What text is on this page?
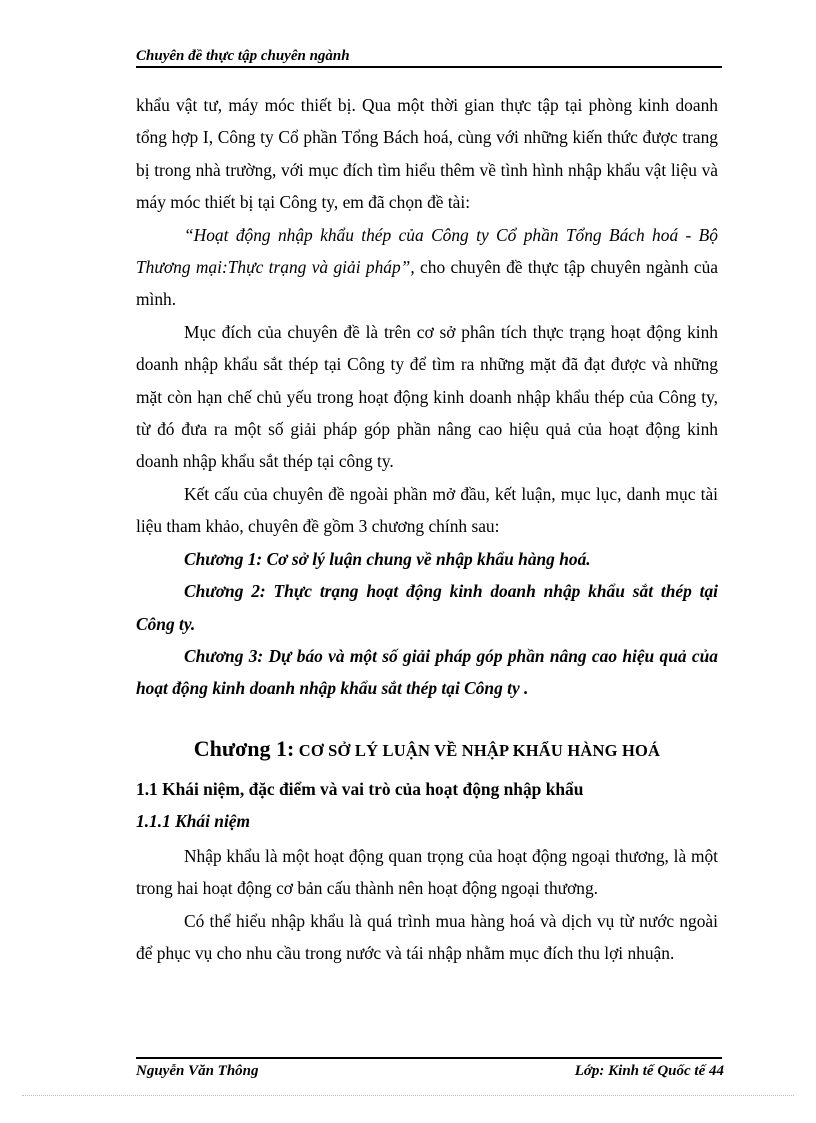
Chuyên đề thực tập chuyên ngành

khẩu vật tư, máy móc thiết bị. Qua một thời gian thực tập tại phòng kinh doanh tổng hợp I, Công ty Cổ phần Tổng Bách hoá, cùng với những kiến thức được trang bị trong nhà trường, với mục đích tìm hiểu thêm về tình hình nhập khẩu vật liệu và máy móc thiết bị tại Công ty, em đã chọn đề tài:

“Hoạt động nhập khẩu thép của Công ty Cổ phần Tổng Bách hoá - Bộ Thương mại:Thực trạng và giải pháp”, cho chuyên đề thực tập chuyên ngành của mình.

Mục đích của chuyên đề là trên cơ sở phân tích thực trạng hoạt động kinh doanh nhập khẩu sắt thép tại Công ty để tìm ra những mặt đã đạt được và những mặt còn hạn chế chủ yếu trong hoạt động kinh doanh nhập khẩu thép của Công ty, từ đó đưa ra một số giải pháp góp phần nâng cao hiệu quả của hoạt động kinh doanh nhập khẩu sắt thép tại công ty.

Kết cấu của chuyên đề ngoài phần mở đầu, kết luận, mục lục, danh mục tài liệu tham khảo, chuyên đề gồm 3 chương chính sau:

Chương 1: Cơ sở lý luận chung về nhập khẩu hàng hoá.

Chương 2: Thực trạng hoạt động kinh doanh nhập khẩu sắt thép tại Công ty.

Chương 3: Dự báo và một số giải pháp góp phần nâng cao hiệu quả của hoạt động kinh doanh nhập khẩu sắt thép tại Công ty .

Chương 1: CƠ SỞ LÝ LUẬN VỀ NHẬP KHẨU HÀNG HOÁ
1.1 Khái niệm, đặc điểm và vai trò của hoạt động nhập khẩu
1.1.1 Khái niệm

Nhập khẩu là một hoạt động quan trọng của hoạt động ngoại thương, là một trong hai hoạt động cơ bản cấu thành nên hoạt động ngoại thương.

Có thể hiểu nhập khẩu là quá trình mua hàng hoá và dịch vụ từ nước ngoài để phục vụ cho nhu cầu trong nước và tái nhập nhằm mục đích thu lợi nhuận.

Nguyễn Văn Thông	Lớp: Kinh tế Quốc tế 44
